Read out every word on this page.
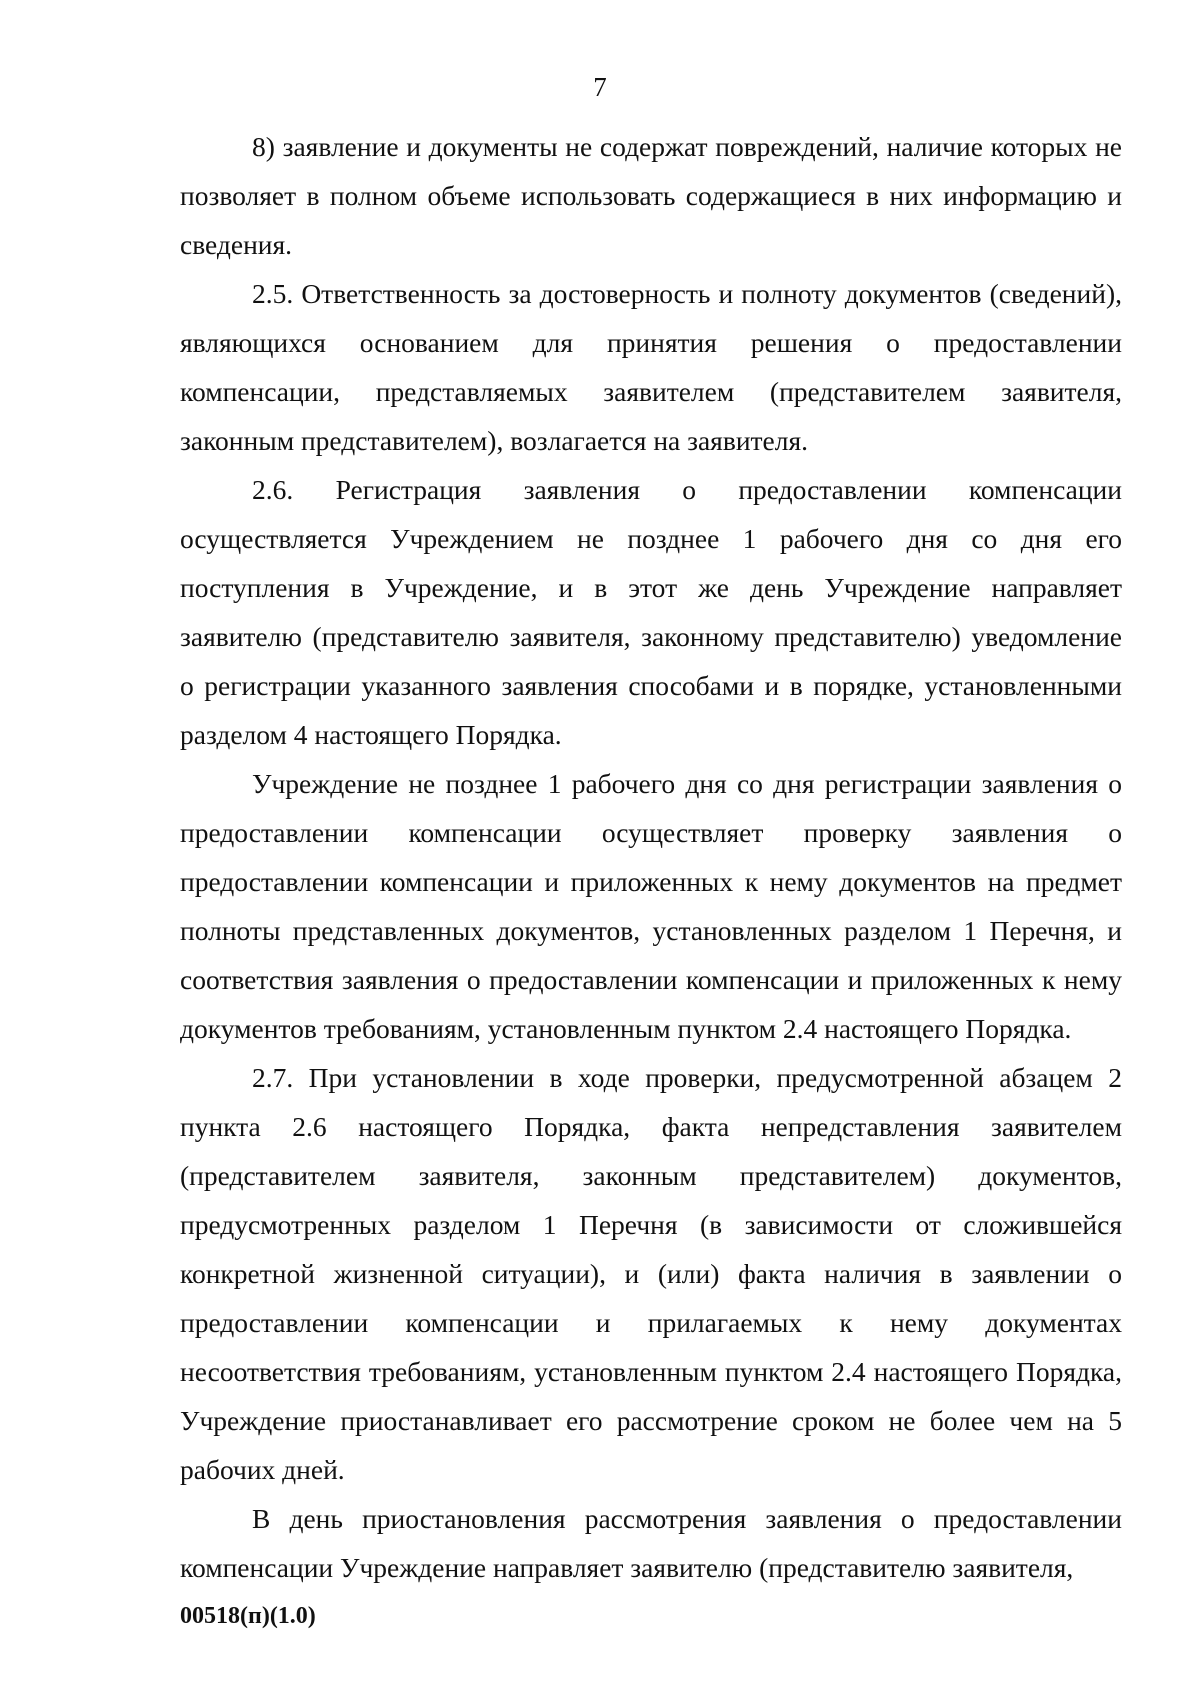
7

8) заявление и документы не содержат повреждений, наличие которых не позволяет в полном объеме использовать содержащиеся в них информацию и сведения.

2.5. Ответственность за достоверность и полноту документов (сведений), являющихся основанием для принятия решения о предоставлении компенсации, представляемых заявителем (представителем заявителя, законным представителем), возлагается на заявителя.

2.6. Регистрация заявления о предоставлении компенсации осуществляется Учреждением не позднее 1 рабочего дня со дня его поступления в Учреждение, и в этот же день Учреждение направляет заявителю (представителю заявителя, законному представителю) уведомление о регистрации указанного заявления способами и в порядке, установленными разделом 4 настоящего Порядка.

Учреждение не позднее 1 рабочего дня со дня регистрации заявления о предоставлении компенсации осуществляет проверку заявления о предоставлении компенсации и приложенных к нему документов на предмет полноты представленных документов, установленных разделом 1 Перечня, и соответствия заявления о предоставлении компенсации и приложенных к нему документов требованиям, установленным пунктом 2.4 настоящего Порядка.

2.7. При установлении в ходе проверки, предусмотренной абзацем 2 пункта 2.6 настоящего Порядка, факта непредставления заявителем (представителем заявителя, законным представителем) документов, предусмотренных разделом 1 Перечня (в зависимости от сложившейся конкретной жизненной ситуации), и (или) факта наличия в заявлении о предоставлении компенсации и прилагаемых к нему документах несоответствия требованиям, установленным пунктом 2.4 настоящего Порядка, Учреждение приостанавливает его рассмотрение сроком не более чем на 5 рабочих дней.

В день приостановления рассмотрения заявления о предоставлении компенсации Учреждение направляет заявителю (представителю заявителя,

00518(п)(1.0)
